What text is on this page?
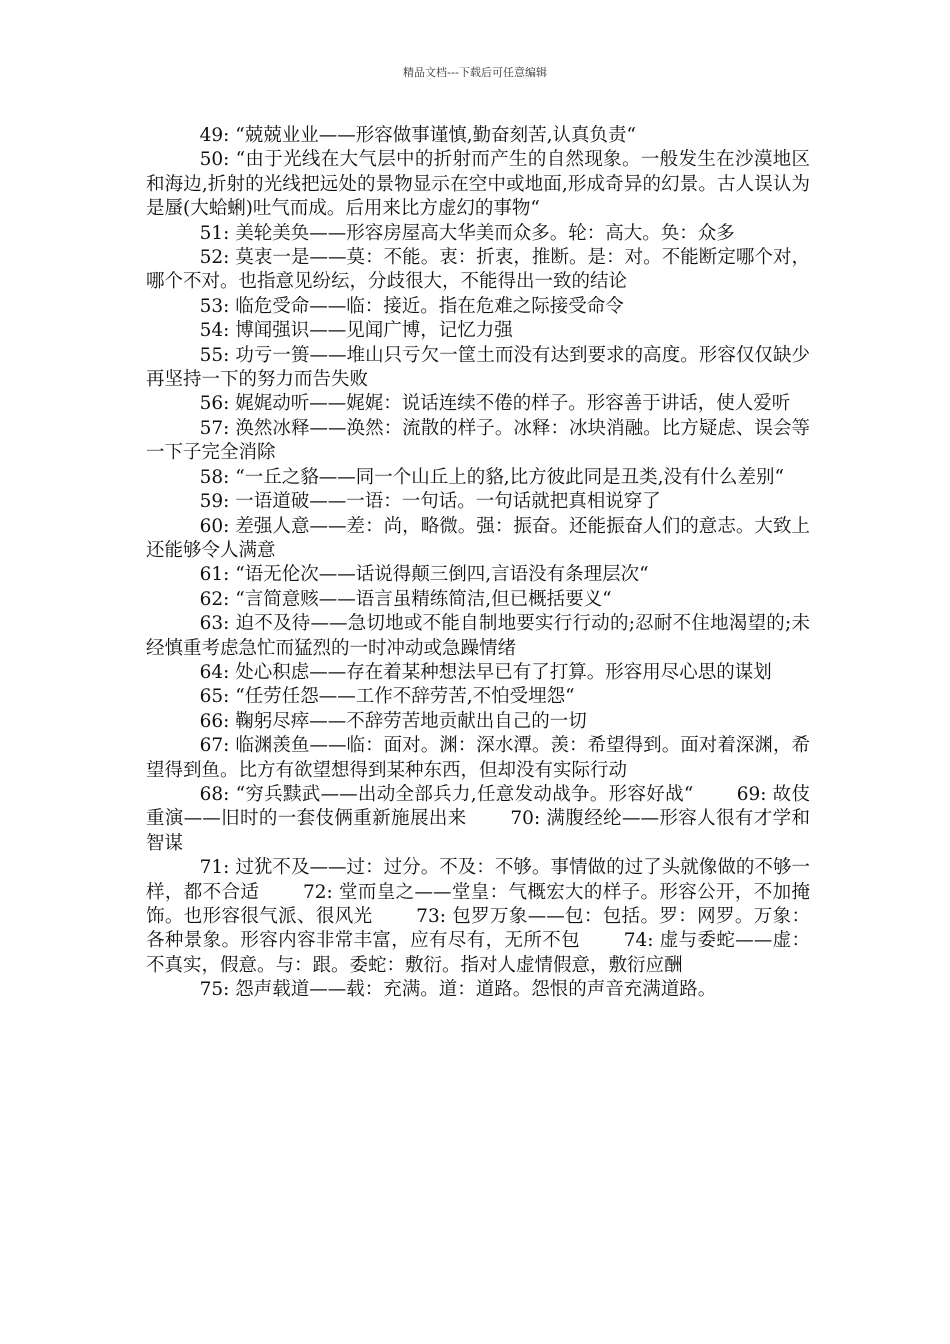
精品文档---下载后可任意编辑

49: “兢兢业业——形容做事谨慎,勤奋刻苦,认真负责“

50: “由于光线在大气层中的折射而产生的自然现象。一般发生在沙漠地区和海边,折射的光线把远处的景物显示在空中或地面,形成奇异的幻景。古人误认为是蜃(大蛤蜊)吐气而成。后用来比方虚幻的事物“

51: 美轮美奂——形容房屋高大华美而众多。轮：高大。奂：众多

52: 莫衷一是——莫：不能。衷：折衷，推断。是：对。不能断定哪个对，哪个不对。也指意见纷纭，分歧很大，不能得出一致的结论

53: 临危受命——临：接近。指在危难之际接受命令

54: 博闻强识——见闻广博，记忆力强

55: 功亏一篑——堆山只亏欠一筐土而没有达到要求的高度。形容仅仅缺少再坚持一下的努力而告失败

56: 娓娓动听——娓娓：说话连续不倦的样子。形容善于讲话，使人爱听

57: 涣然冰释——涣然：流散的样子。冰释：冰块消融。比方疑虑、误会等一下子完全消除

58: “一丘之貉——同一个山丘上的貉,比方彼此同是丑类,没有什么差别“

59: 一语道破——一语：一句话。一句话就把真相说穿了

60: 差强人意——差：尚，略微。强：振奋。还能振奋人们的意志。大致上还能够令人满意

61: “语无伦次——话说得颠三倒四,言语没有条理层次“

62: “言简意赅——语言虽精练简洁,但已概括要义“

63: 迫不及待——急切地或不能自制地要实行行动的;忍耐不住地渴望的;未经慎重考虑急忙而猛烈的一时冲动或急躁情绪

64: 处心积虑——存在着某种想法早已有了打算。形容用尽心思的谋划

65: “任劳任怨——工作不辞劳苦,不怕受埋怨“

66: 鞠躬尽瘁——不辞劳苦地贡献出自己的一切

67: 临渊羡鱼——临：面对。渊：深水潭。羡：希望得到。面对着深渊，希望得到鱼。比方有欲望想得到某种东西，但却没有实际行动

68: “穷兵黩武——出动全部兵力,任意发动战争。形容好战“       69: 故伎重演——旧时的一套伎俩重新施展出来       70: 满腹经纶——形容人很有才学和智谋

71: 过犹不及——过：过分。不及：不够。事情做的过了头就像做的不够一样，都不合适       72: 堂而皇之——堂皇：气概宏大的样子。形容公开，不加掩饰。也形容很气派、很风光       73: 包罗万象——包：包括。罗：网罗。万象：各种景象。形容内容非常丰富，应有尽有，无所不包       74: 虚与委蛇——虚：不真实，假意。与：跟。委蛇：敷衍。指对人虚情假意，敷衍应酬

75: 怨声载道——载：充满。道：道路。怨恨的声音充满道路。
